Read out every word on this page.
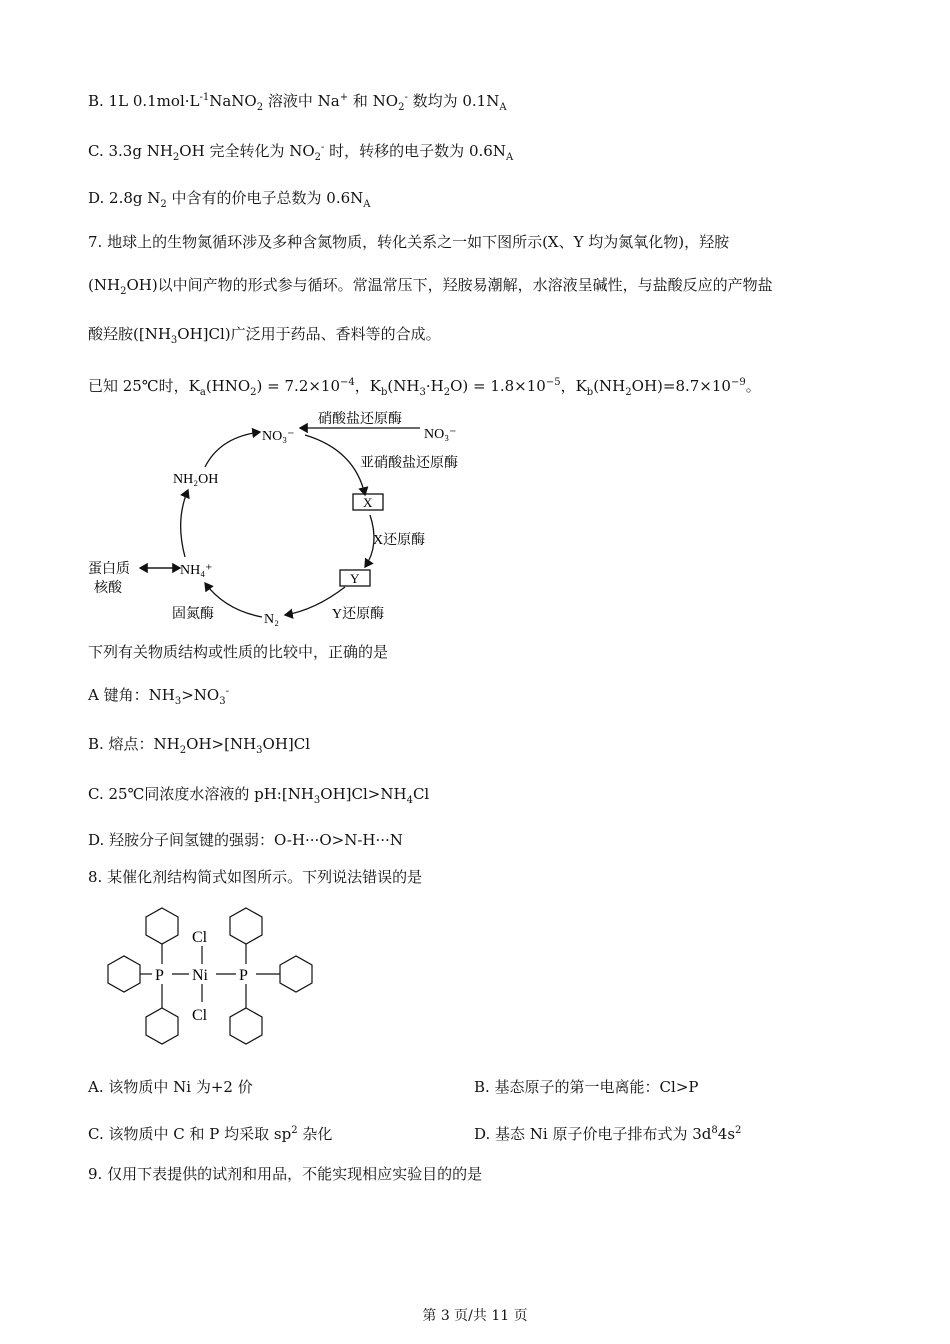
B. 1L $0.1mol\cdot L^{-1}NaNO_2$ 溶液中 Na+ 和 $NO_2^-$ 数均为 $0.1N_A$
C. 3.3g $NH_2OH$ 完全转化为 $NO_2^-$ 时，转移的电子数为 $0.6N_A$
D. 2.8g $N_2$ 中含有的价电子总数为 $0.6N_A$
7. 地球上的生物氮循环涉及多种含氮物质，转化关系之一如下图所示(X、Y 均为氮氧化物)，羟胺
$(NH_2OH)$以中间产物的形式参与循环。常温常压下，羟胺易潮解，水溶液呈碱性，与盐酸反应的产物盐
酸羟胺$([NH_3OH]Cl)$广泛用于药品、香料等的合成。
已知 25℃时，$K_a(HNO_2) = 7.2\times 10^{-4}$，$K_b(NH_3\cdot H_2O) = 1.8\times 10^{-5}$，$K_b(NH_2OH)=8.7\times 10^{-9}$。
NO₃⁻	NO₃⁻
硝酸盐还原酶
亚硝酸盐还原酶
X
X还原酶
Y
Y还原酶
N₂
固氮酶
NH₄⁺
蛋白质
核酸
NH₂OH
下列有关物质结构或性质的比较中，正确的是
A 键角：$NH_3>NO_3^-$
B. 熔点：$NH_2OH>[NH_3OH]Cl$
C. 25℃同浓度水溶液的 $pH:[NH_3OH]Cl>NH_4Cl$
D. 羟胺分子间氢键的强弱：O-H···O>N-H···N
8. 某催化剂结构简式如图所示。下列说法错误的是
Cl
Cl
Ni
P	P
A. 该物质中 Ni 为+2 价	B. 基态原子的第一电离能：Cl>P
C. 该物质中 C 和 P 均采取 $sp^2$ 杂化	D. 基态 Ni 原子价电子排布式为 $3d^84s^2$
9. 仅用下表提供的试剂和用品，不能实现相应实验目的的是
第 3 页/共 11 页
